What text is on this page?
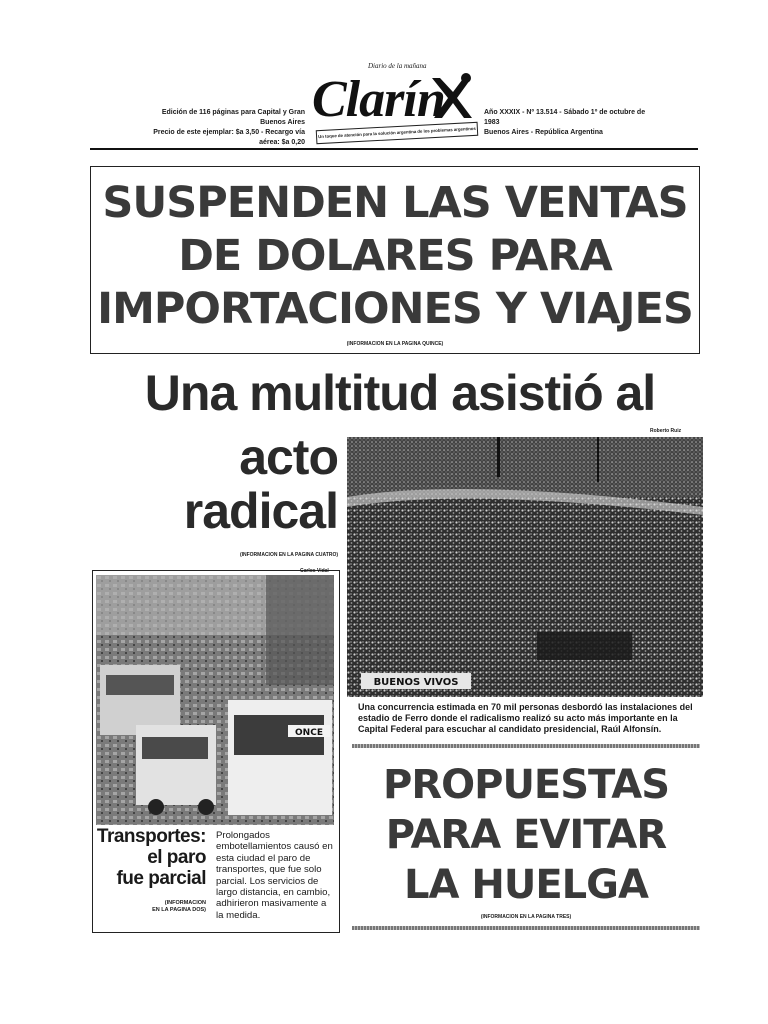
Diario de la mañana
Clarín
Un toque de atención para la solución argentina de los problemas argentinos
Edición de 116 páginas para Capital y Gran Buenos Aires
Precio de este ejemplar: $a 3,50 - Recargo vía aérea: $a 0,20
Año XXXIX - Nº 13.514 - Sábado 1º de octubre de 1983
Buenos Aires - República Argentina
SUSPENDEN LAS VENTAS
DE DOLARES PARA
IMPORTACIONES Y VIAJES
(INFORMACION EN LA PAGINA QUINCE)
Una multitud asistió al
acto
radical
(INFORMACION EN LA PAGINA CUATRO)
Roberto Ruiz
BUENOS VIVOS
Una concurrencia estimada en 70 mil personas desbordó las instalaciones del estadio de Ferro donde el radicalismo realizó su acto más importante en la Capital Federal para escuchar al candidato presidencial, Raúl Alfonsín.
Carlos Vidal
ONCE
Transportes:
el paro
fue parcial
(INFORMACION
EN LA PAGINA DOS)
Prolongados embotellamientos causó en esta ciudad el paro de transportes, que fue solo parcial. Los servicios de largo distancia, en cambio, adhirieron masivamente a la medida.
PROPUESTAS
PARA EVITAR
LA HUELGA
(INFORMACION EN LA PAGINA TRES)
